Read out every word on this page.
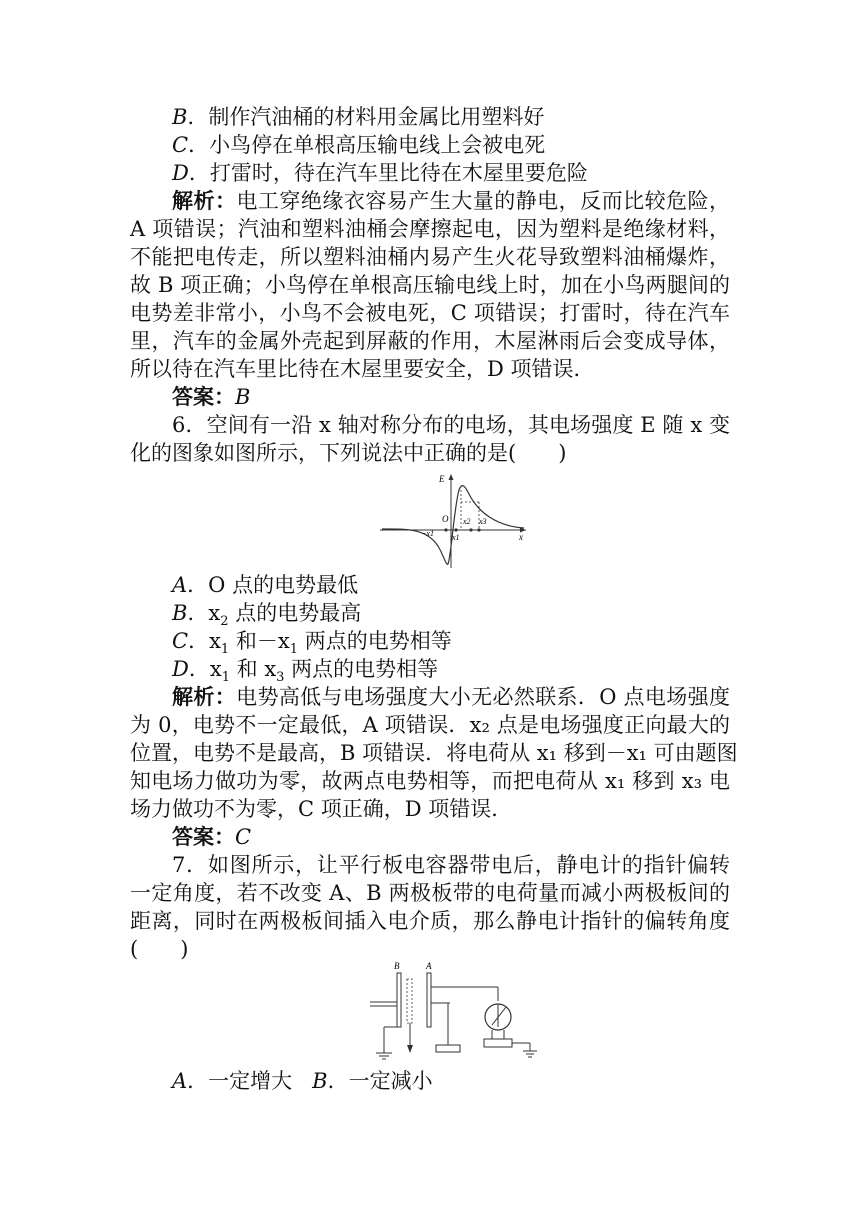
B．制作汽油桶的材料用金属比用塑料好
C．小鸟停在单根高压输电线上会被电死
D．打雷时，待在汽车里比待在木屋里要危险
解析：电工穿绝缘衣容易产生大量的静电，反而比较危险，
A 项错误；汽油和塑料油桶会摩擦起电，因为塑料是绝缘材料，
不能把电传走，所以塑料油桶内易产生火花导致塑料油桶爆炸，
故 B 项正确；小鸟停在单根高压输电线上时，加在小鸟两腿间的
电势差非常小，小鸟不会被电死，C 项错误；打雷时，待在汽车
里，汽车的金属外壳起到屏蔽的作用，木屋淋雨后会变成导体，
所以待在汽车里比待在木屋里要安全，D 项错误．
答案：B
6．空间有一沿 x 轴对称分布的电场，其电场强度 E 随 x 变
化的图象如图所示，下列说法中正确的是(　　)
E
O
−x1 x1
x2 x3
x
A．O 点的电势最低
B．$x_2$ 点的电势最高
C．$x_1$ 和$-x_1$ 两点的电势相等
D．$x_1$ 和 $x_3$ 两点的电势相等
解析：电势高低与电场强度大小无必然联系．O 点电场强度
为 0，电势不一定最低，A 项错误．x₂ 点是电场强度正向最大的
位置，电势不是最高，B 项错误．将电荷从 x₁ 移到－x₁ 可由题图
知电场力做功为零，故两点电势相等，而把电荷从 x₁ 移到 x₃ 电
场力做功不为零，C 项正确，D 项错误．
答案：C
7．如图所示，让平行板电容器带电后，静电计的指针偏转
一定角度，若不改变 A、B 两极板带的电荷量而减小两极板间的
距离，同时在两极板间插入电介质，那么静电计指针的偏转角度
(　　)
B	A
A．一定增大 B．一定减小
